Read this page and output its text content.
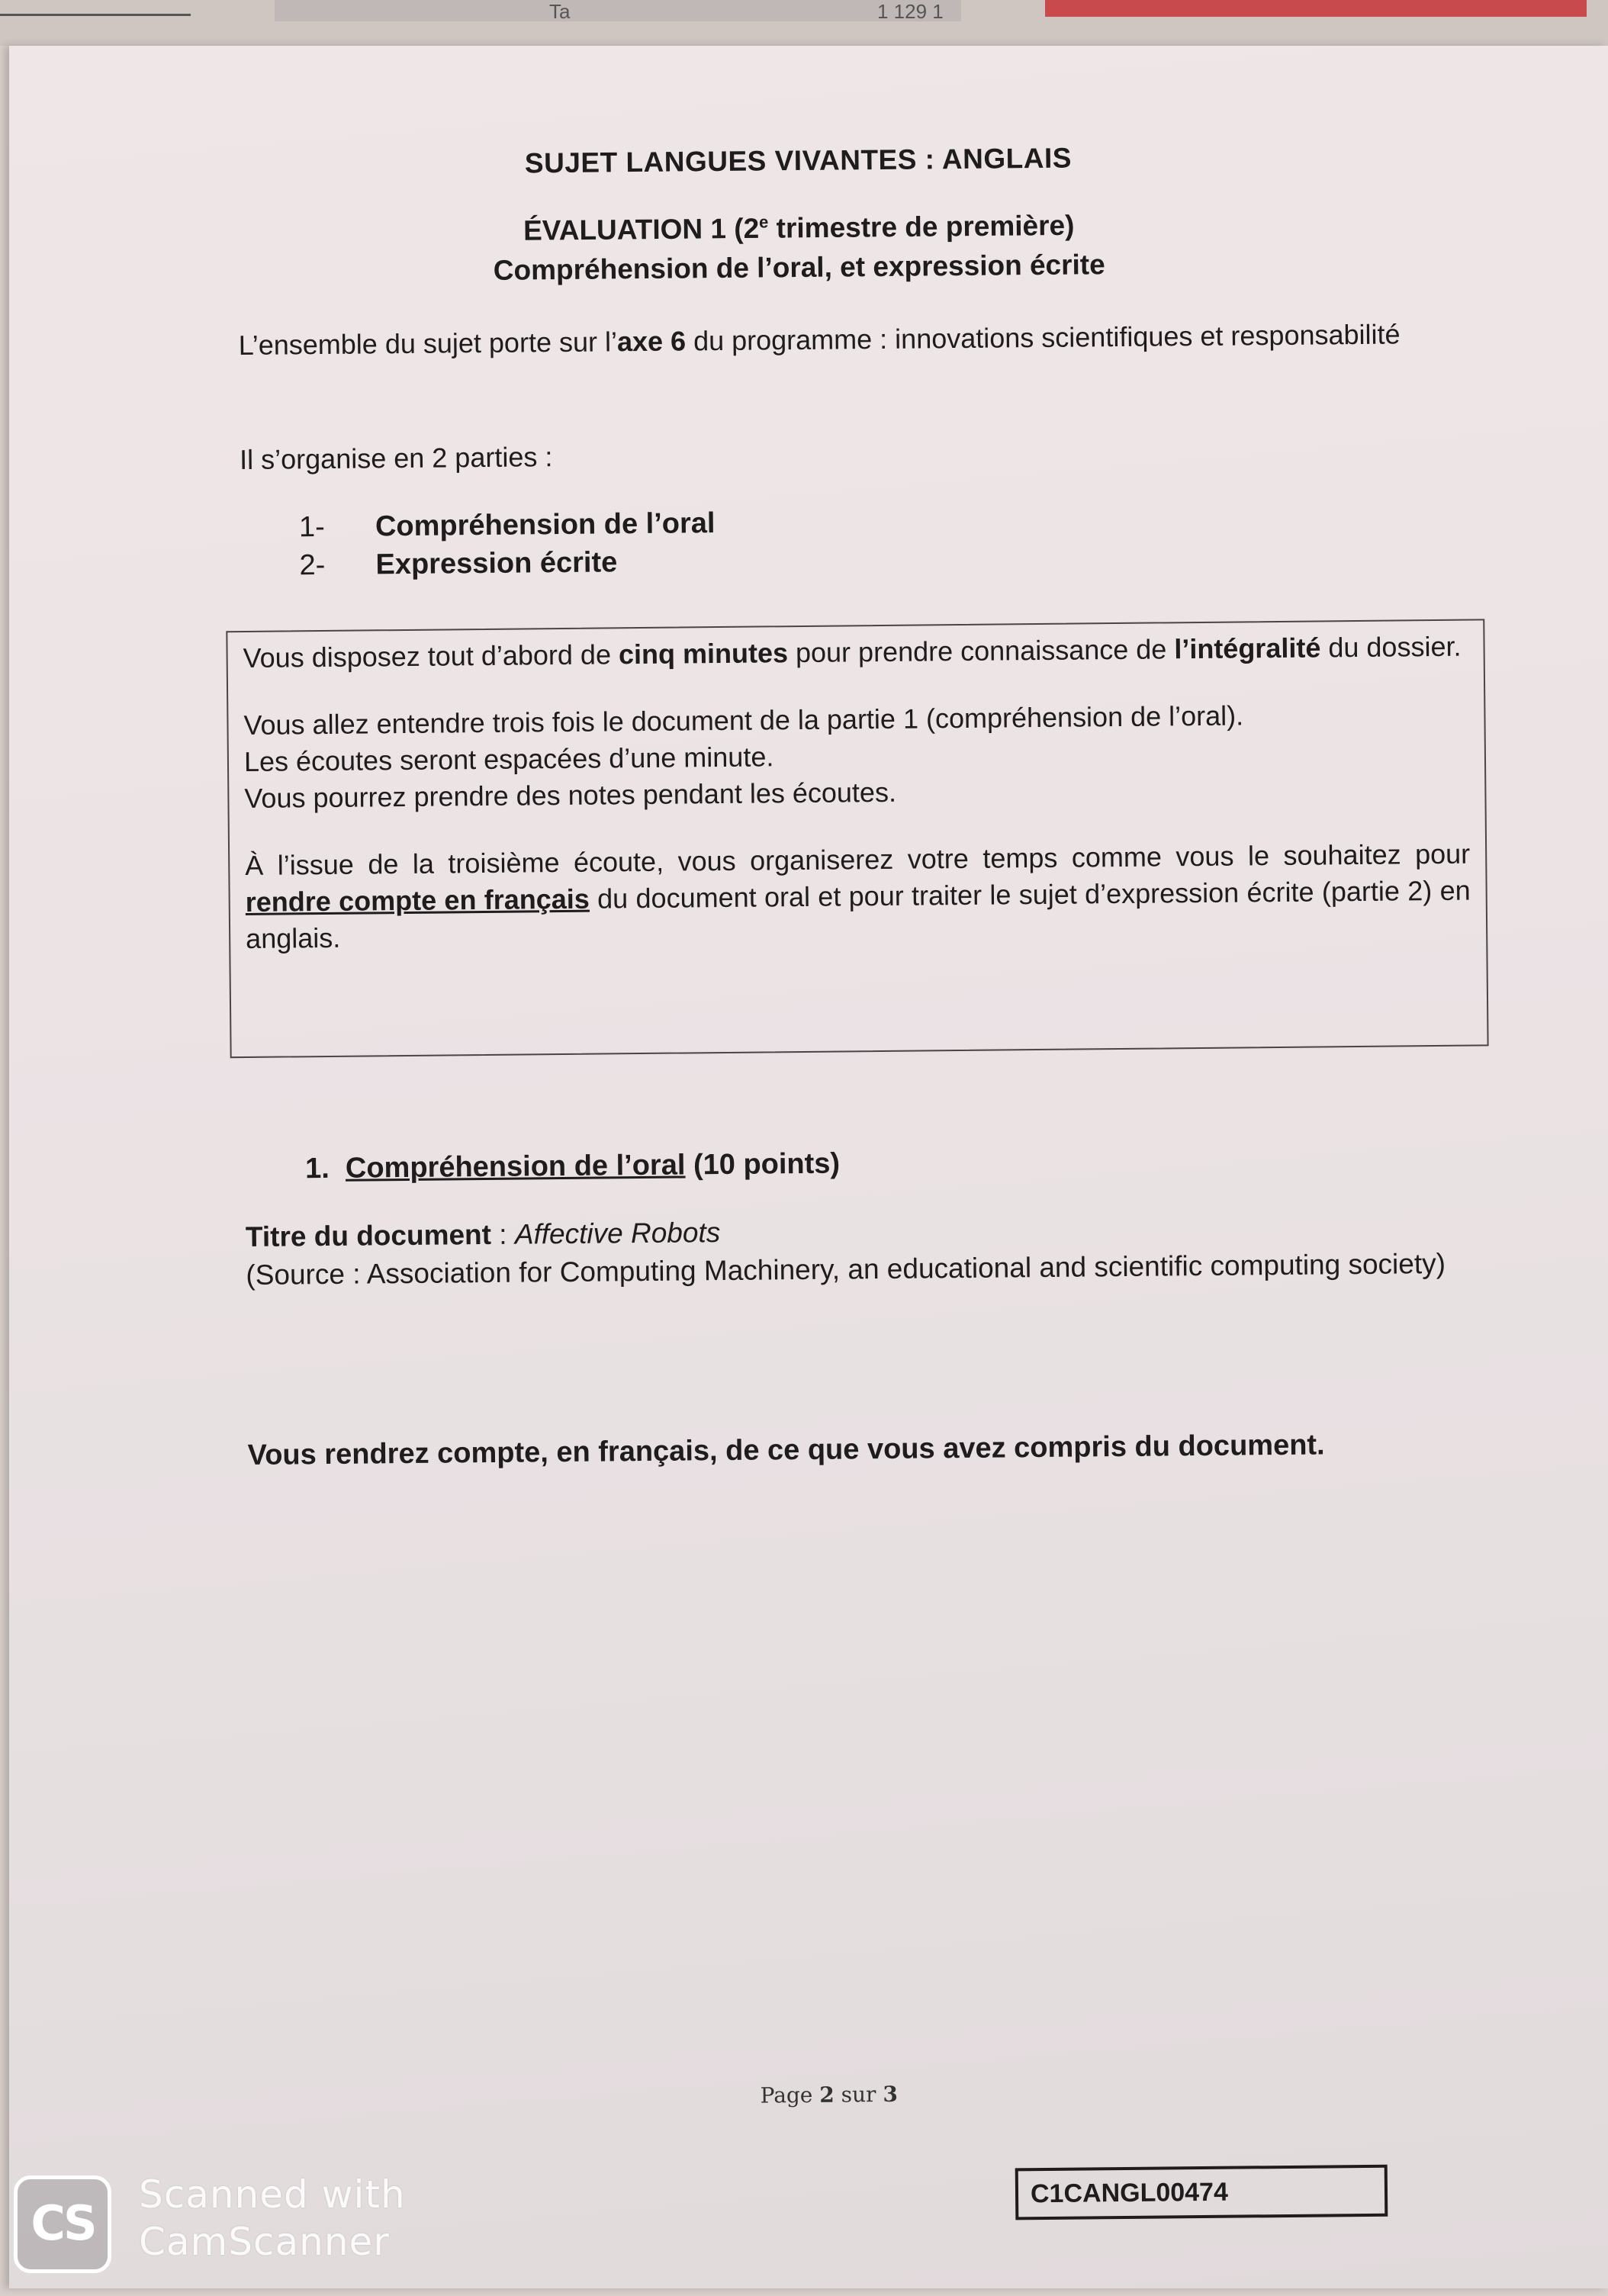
Ta	1 129 1
SUJET LANGUES VIVANTES : ANGLAIS
ÉVALUATION 1 (2e trimestre de première)
Compréhension de l’oral, et expression écrite
L’ensemble du sujet porte sur l’axe 6 du programme : innovations scientifiques et responsabilité
Il s’organise en 2 parties :
1- Compréhension de l’oral
2- Expression écrite

Vous disposez tout d’abord de cinq minutes pour prendre connaissance de l’intégralité du dossier.

Vous allez entendre trois fois le document de la partie 1 (compréhension de l’oral).
Les écoutes seront espacées d’une minute.
Vous pourrez prendre des notes pendant les écoutes.

À l’issue de la troisième écoute, vous organiserez votre temps comme vous le souhaitez pour rendre compte en français du document oral et pour traiter le sujet d’expression écrite (partie 2) en anglais.

1. Compréhension de l’oral (10 points)
Titre du document : Affective Robots
(Source : Association for Computing Machinery, an educational and scientific computing society)
Vous rendrez compte, en français, de ce que vous avez compris du document.
Page 2 sur 3
C1CANGL00474
CS
Scanned with
CamScanner
